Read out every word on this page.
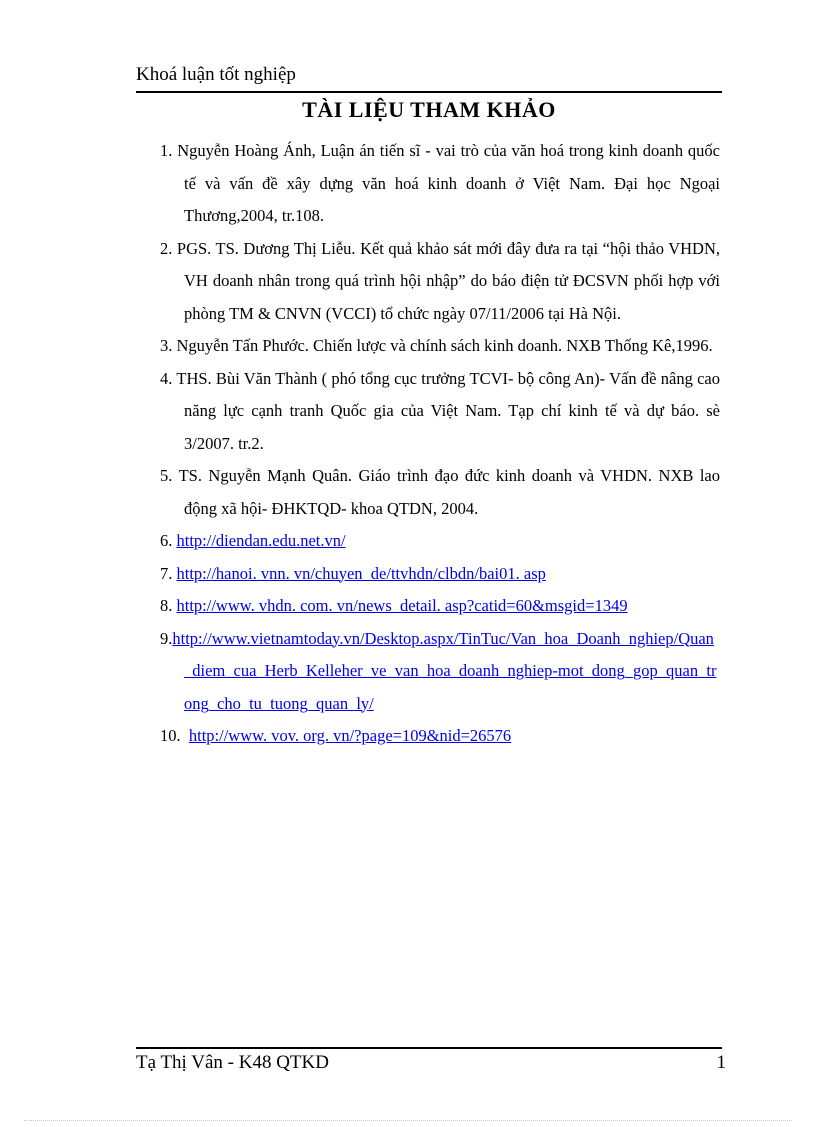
Khoá luận tốt nghiệp
TÀI LIỆU THAM KHẢO
1. Nguyễn Hoàng Ánh, Luận án tiến sĩ - vai trò của văn hoá trong kinh doanh quốc tế và vấn đề xây dựng văn hoá kinh doanh ở Việt Nam. Đại học Ngoại Thương,2004, tr.108.
2. PGS. TS. Dương Thị Liễu. Kết quả khảo sát mới đây đưa ra tại “hội thảo VHDN, VH doanh nhân trong quá trình hội nhập” do báo điện tử ĐCSVN phối hợp với phòng TM & CNVN (VCCI) tổ chức ngày 07/11/2006 tại Hà Nội.
3. Nguyễn Tấn Phước. Chiến lược và chính sách kinh doanh. NXB Thống Kê,1996.
4. THS. Bùi Văn Thành ( phó tổng cục trưởng TCVI- bộ công An)- Vấn đề nâng cao năng lực cạnh tranh Quốc gia của Việt Nam. Tạp chí kinh tế và dự báo. sè 3/2007. tr.2.
5. TS. Nguyễn Mạnh Quân. Giáo trình đạo đức kinh doanh và VHDN. NXB lao động xã hội- ĐHKTQD- khoa QTDN, 2004.
6. http://diendan.edu.net.vn/
7. http://hanoi. vnn. vn/chuyen_de/ttvhdn/clbdn/bai01. asp
8. http://www. vhdn. com. vn/news_detail. asp?catid=60&msgid=1349
9.http://www.vietnamtoday.vn/Desktop.aspx/TinTuc/Van_hoa_Doanh_nghiep/Quan_diem_cua_Herb_Kelleher_ve_van_hoa_doanh_nghiep-mot_dong_gop_quan_trong_cho_tu_tuong_quan_ly/
10. http://www. vov. org. vn/?page=109&nid=26576
Tạ Thị Vân - K48 QTKD	1
